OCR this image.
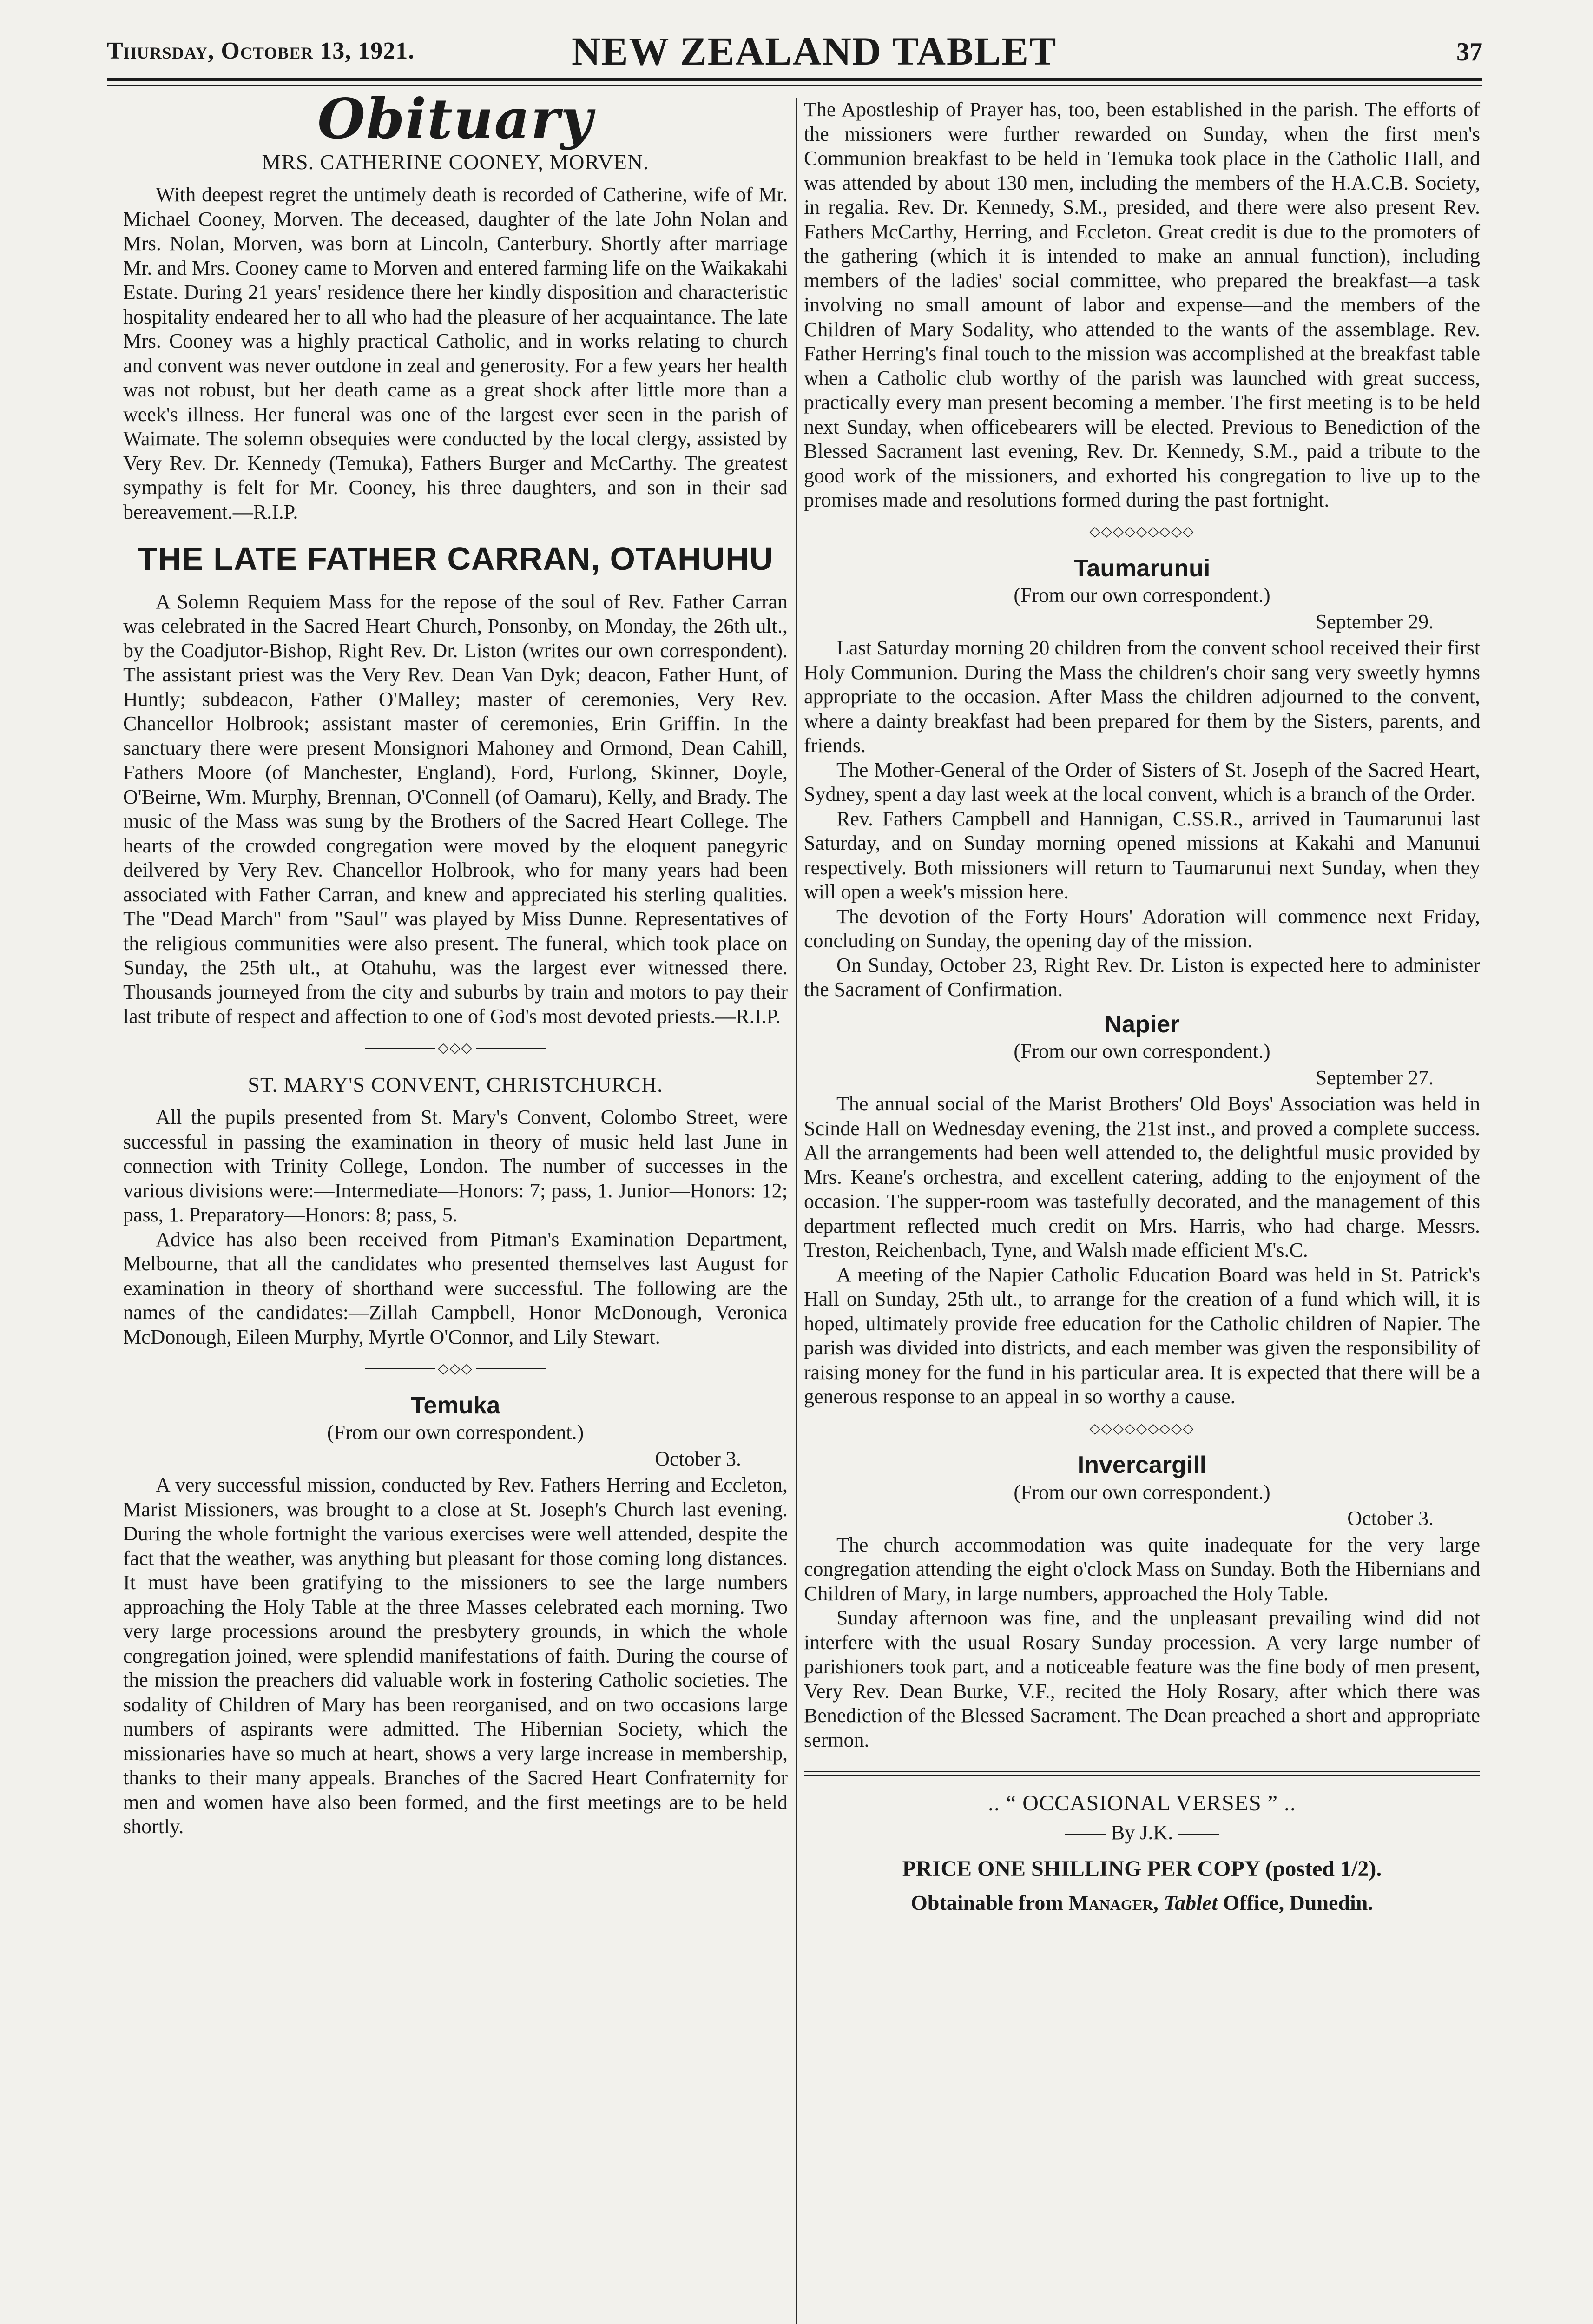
Thursday, October 13, 1921.	NEW ZEALAND TABLET	37
Obituary
MRS. CATHERINE COONEY, MORVEN.

With deepest regret the untimely death is recorded of Catherine, wife of Mr. Michael Cooney, Morven. The deceased, daughter of the late John Nolan and Mrs. Nolan, Morven, was born at Lincoln, Canterbury. Shortly after marriage Mr. and Mrs. Cooney came to Morven and entered farming life on the Waikakahi Estate. During 21 years' residence there her kindly disposition and characteristic hospitality endeared her to all who had the pleasure of her acquaintance. The late Mrs. Cooney was a highly practical Catholic, and in works relating to church and convent was never outdone in zeal and generosity. For a few years her health was not robust, but her death came as a great shock after little more than a week's illness. Her funeral was one of the largest ever seen in the parish of Waimate. The solemn obsequies were conducted by the local clergy, assisted by Very Rev. Dr. Kennedy (Temuka), Fathers Burger and McCarthy. The greatest sympathy is felt for Mr. Cooney, his three daughters, and son in their sad bereavement.—R.I.P.

THE LATE FATHER CARRAN, OTAHUHU

A Solemn Requiem Mass for the repose of the soul of Rev. Father Carran was celebrated in the Sacred Heart Church, Ponsonby, on Monday, the 26th ult., by the Coadjutor-Bishop, Right Rev. Dr. Liston (writes our own correspondent). The assistant priest was the Very Rev. Dean Van Dyk; deacon, Father Hunt, of Huntly; subdeacon, Father O'Malley; master of ceremonies, Very Rev. Chancellor Holbrook; assistant master of ceremonies, Erin Griffin. In the sanctuary there were present Monsignori Mahoney and Ormond, Dean Cahill, Fathers Moore (of Manchester, England), Ford, Furlong, Skinner, Doyle, O'Beirne, Wm. Murphy, Brennan, O'Connell (of Oamaru), Kelly, and Brady. The music of the Mass was sung by the Brothers of the Sacred Heart College. The hearts of the crowded congregation were moved by the eloquent panegyric deilvered by Very Rev. Chancellor Holbrook, who for many years had been associated with Father Carran, and knew and appreciated his sterling qualities. The "Dead March" from "Saul" was played by Miss Dunne. Representatives of the religious communities were also present. The funeral, which took place on Sunday, the 25th ult., at Otahuhu, was the largest ever witnessed there. Thousands journeyed from the city and suburbs by train and motors to pay their last tribute of respect and affection to one of God's most devoted priests.—R.I.P.

◇◇◇
ST. MARY'S CONVENT, CHRISTCHURCH.

All the pupils presented from St. Mary's Convent, Colombo Street, were successful in passing the examination in theory of music held last June in connection with Trinity College, London. The number of successes in the various divisions were:—Intermediate—Honors: 7; pass, 1. Junior—Honors: 12; pass, 1. Preparatory—Honors: 8; pass, 5.

Advice has also been received from Pitman's Examination Department, Melbourne, that all the candidates who presented themselves last August for examination in theory of shorthand were successful. The following are the names of the candidates:—Zillah Campbell, Honor McDonough, Veronica McDonough, Eileen Murphy, Myrtle O'Connor, and Lily Stewart.

◇◇◇
Temuka
(From our own correspondent.)
October 3.

A very successful mission, conducted by Rev. Fathers Herring and Eccleton, Marist Missioners, was brought to a close at St. Joseph's Church last evening. During the whole fortnight the various exercises were well attended, despite the fact that the weather, was anything but pleasant for those coming long distances. It must have been gratifying to the missioners to see the large numbers approaching the Holy Table at the three Masses celebrated each morning. Two very large processions around the presbytery grounds, in which the whole congregation joined, were splendid manifestations of faith. During the course of the mission the preachers did valuable work in fostering Catholic societies. The sodality of Children of Mary has been reorganised, and on two occasions large numbers of aspirants were admitted. The Hibernian Society, which the missionaries have so much at heart, shows a very large increase in membership, thanks to their many appeals. Branches of the Sacred Heart Confraternity for men and women have also been formed, and the first meetings are to be held shortly.

The Apostleship of Prayer has, too, been established in the parish. The efforts of the missioners were further rewarded on Sunday, when the first men's Communion breakfast to be held in Temuka took place in the Catholic Hall, and was attended by about 130 men, including the members of the H.A.C.B. Society, in regalia. Rev. Dr. Kennedy, S.M., presided, and there were also present Rev. Fathers McCarthy, Herring, and Eccleton. Great credit is due to the promoters of the gathering (which it is intended to make an annual function), including members of the ladies' social committee, who prepared the breakfast—a task involving no small amount of labor and expense—and the members of the Children of Mary Sodality, who attended to the wants of the assemblage. Rev. Father Herring's final touch to the mission was accomplished at the breakfast table when a Catholic club worthy of the parish was launched with great success, practically every man present becoming a member. The first meeting is to be held next Sunday, when officebearers will be elected. Previous to Benediction of the Blessed Sacrament last evening, Rev. Dr. Kennedy, S.M., paid a tribute to the good work of the missioners, and exhorted his congregation to live up to the promises made and resolutions formed during the past fortnight.

◇◇◇◇◇◇◇◇◇
Taumarunui
(From our own correspondent.)
September 29.

Last Saturday morning 20 children from the convent school received their first Holy Communion. During the Mass the children's choir sang very sweetly hymns appropriate to the occasion. After Mass the children adjourned to the convent, where a dainty breakfast had been prepared for them by the Sisters, parents, and friends.

The Mother-General of the Order of Sisters of St. Joseph of the Sacred Heart, Sydney, spent a day last week at the local convent, which is a branch of the Order.

Rev. Fathers Campbell and Hannigan, C.SS.R., arrived in Taumarunui last Saturday, and on Sunday morning opened missions at Kakahi and Manunui respectively. Both missioners will return to Taumarunui next Sunday, when they will open a week's mission here.

The devotion of the Forty Hours' Adoration will commence next Friday, concluding on Sunday, the opening day of the mission.

On Sunday, October 23, Right Rev. Dr. Liston is expected here to administer the Sacrament of Confirmation.

Napier
(From our own correspondent.)
September 27.

The annual social of the Marist Brothers' Old Boys' Association was held in Scinde Hall on Wednesday evening, the 21st inst., and proved a complete success. All the arrangements had been well attended to, the delightful music provided by Mrs. Keane's orchestra, and excellent catering, adding to the enjoyment of the occasion. The supper-room was tastefully decorated, and the management of this department reflected much credit on Mrs. Harris, who had charge. Messrs. Treston, Reichenbach, Tyne, and Walsh made efficient M's.C.

A meeting of the Napier Catholic Education Board was held in St. Patrick's Hall on Sunday, 25th ult., to arrange for the creation of a fund which will, it is hoped, ultimately provide free education for the Catholic children of Napier. The parish was divided into districts, and each member was given the responsibility of raising money for the fund in his particular area. It is expected that there will be a generous response to an appeal in so worthy a cause.

◇◇◇◇◇◇◇◇◇
Invercargill
(From our own correspondent.)
October 3.

The church accommodation was quite inadequate for the very large congregation attending the eight o'clock Mass on Sunday. Both the Hibernians and Children of Mary, in large numbers, approached the Holy Table.

Sunday afternoon was fine, and the unpleasant prevailing wind did not interfere with the usual Rosary Sunday procession. A very large number of parishioners took part, and a noticeable feature was the fine body of men present, Very Rev. Dean Burke, V.F., recited the Holy Rosary, after which there was Benediction of the Blessed Sacrament. The Dean preached a short and appropriate sermon.

.. “ OCCASIONAL VERSES ” ..
—— By J.K. ——
PRICE ONE SHILLING PER COPY (posted 1/2).
Obtainable from Manager, Tablet Office, Dunedin.
